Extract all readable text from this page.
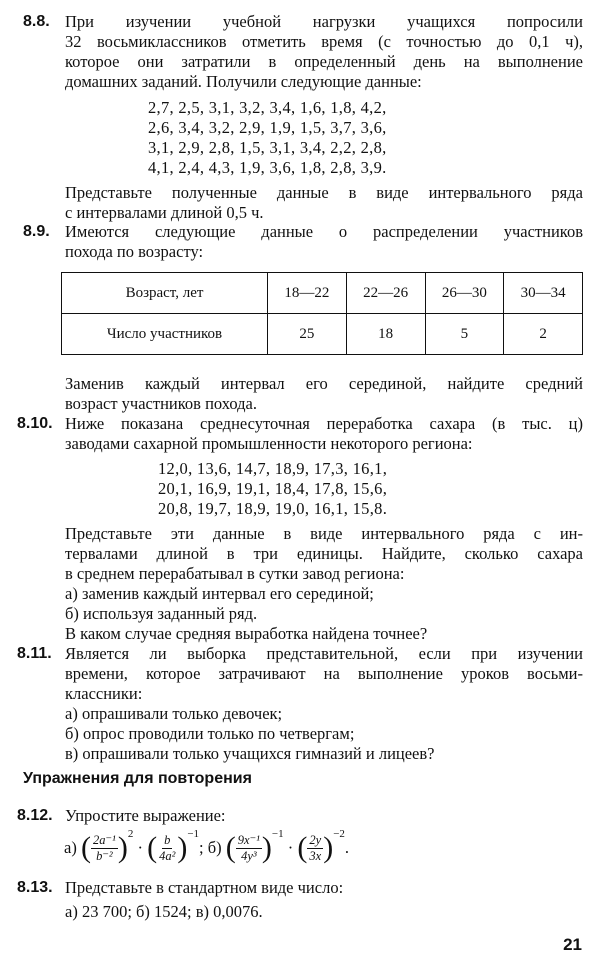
8.8. При изучении учебной нагрузки учащихся попросили
32 восьмиклассников отметить время (с точностью до 0,1 ч),
которое они затратили в определенный день на выполнение
домашних заданий. Получили следующие данные:
2,7, 2,5, 3,1, 3,2, 3,4, 1,6, 1,8, 4,2,
2,6, 3,4, 3,2, 2,9, 1,9, 1,5, 3,7, 3,6,
3,1, 2,9, 2,8, 1,5, 3,1, 3,4, 2,2, 2,8,
4,1, 2,4, 4,3, 1,9, 3,6, 1,8, 2,8, 3,9.
Представьте полученные данные в виде интервального ряда
с интервалами длиной 0,5 ч.
8.9. Имеются следующие данные о распределении участников
похода по возрасту:
Возраст, лет	18—22	22—26	26—30	30—34
Число участников	25	18	5	2
Заменив каждый интервал его серединой, найдите средний
возраст участников похода.
8.10. Ниже показана среднесуточная переработка сахара (в тыс. ц)
заводами сахарной промышленности некоторого региона:
12,0, 13,6, 14,7, 18,9, 17,3, 16,1,
20,1, 16,9, 19,1, 18,4, 17,8, 15,6,
20,8, 19,7, 18,9, 19,0, 16,1, 15,8.
Представьте эти данные в виде интервального ряда с ин-
тервалами длиной в три единицы. Найдите, сколько сахара
в среднем перерабатывал в сутки завод региона:
а) заменив каждый интервал его серединой;
б) используя заданный ряд.
В каком случае средняя выработка найдена точнее?
8.11. Является ли выборка представительной, если при изучении
времени, которое затрачивают на выполнение уроков восьми-
классники:
а) опрашивали только девочек;
б) опрос проводили только по четвергам;
в) опрашивали только учащихся гимназий и лицеев?
Упражнения для повторения
8.12. Упростите выражение:
а)
( $\frac{\text{2a⁻¹}}{\text{b⁻²}}$ ) 2

·
( $\frac{b}{\text{4a²}}$ ) −1
; б)
( $\frac{\text{9x⁻¹}}{\text{4y³}}$ ) −1

·
( $\frac{2y}{3x}$ ) −2
.
8.13. Представьте в стандартном виде число:
а) 23 700; б) 1524; в) 0,0076.
21
